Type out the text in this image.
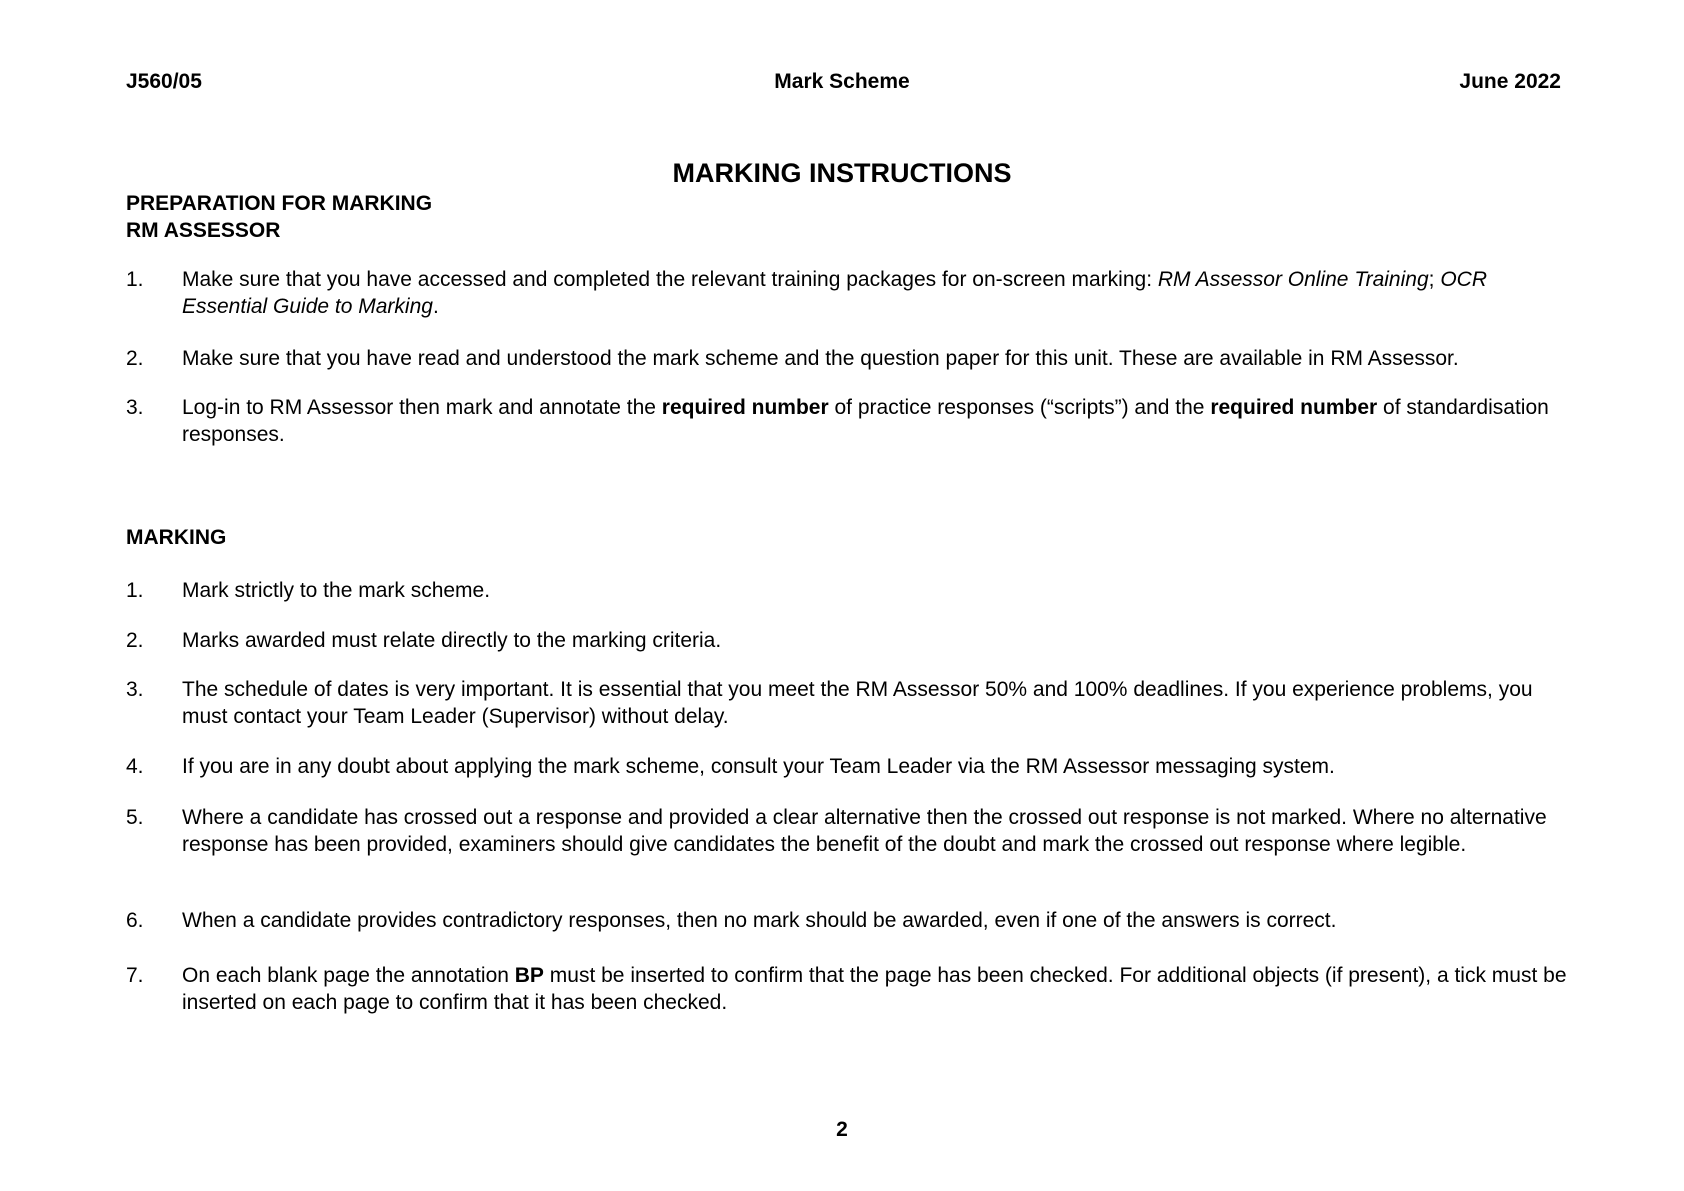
J560/05	Mark Scheme	June 2022
MARKING INSTRUCTIONS
PREPARATION FOR MARKING
RM ASSESSOR
1.	Make sure that you have accessed and completed the relevant training packages for on-screen marking: RM Assessor Online Training; OCR Essential Guide to Marking.
2.	Make sure that you have read and understood the mark scheme and the question paper for this unit. These are available in RM Assessor.
3.	Log-in to RM Assessor then mark and annotate the required number of practice responses (“scripts”) and the required number of standardisation responses.
MARKING
1.	Mark strictly to the mark scheme.
2.	Marks awarded must relate directly to the marking criteria.
3.	The schedule of dates is very important. It is essential that you meet the RM Assessor 50% and 100% deadlines. If you experience problems, you must contact your Team Leader (Supervisor) without delay.
4.	If you are in any doubt about applying the mark scheme, consult your Team Leader via the RM Assessor messaging system.
5.	Where a candidate has crossed out a response and provided a clear alternative then the crossed out response is not marked. Where no alternative response has been provided, examiners should give candidates the benefit of the doubt and mark the crossed out response where legible.
6.	When a candidate provides contradictory responses, then no mark should be awarded, even if one of the answers is correct.
7.	On each blank page the annotation BP must be inserted to confirm that the page has been checked. For additional objects (if present), a tick must be inserted on each page to confirm that it has been checked.
2
